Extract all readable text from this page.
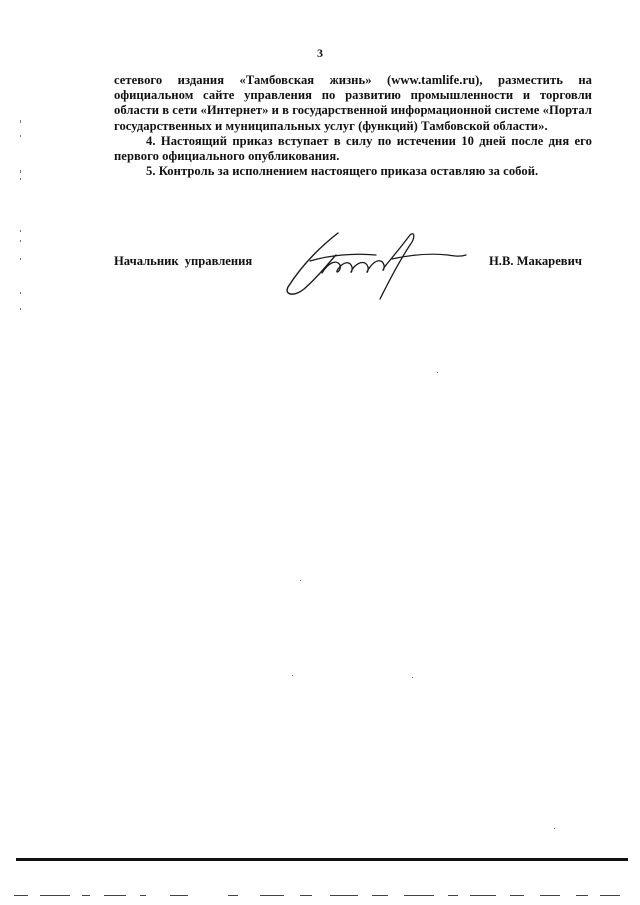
3

сетевого издания «Тамбовская жизнь» (www.tamlife.ru), разместить на официальном сайте управления по развитию промышленности и торговли области в сети «Интернет» и в государственной информационной системе «Портал государственных и муниципальных услуг (функций) Тамбовской области».

4. Настоящий приказ вступает в силу по истечении 10 дней после дня его первого официального опубликования.

5. Контроль за исполнением настоящего приказа оставляю за собой.

Начальник управления	Н.В. Макаревич
